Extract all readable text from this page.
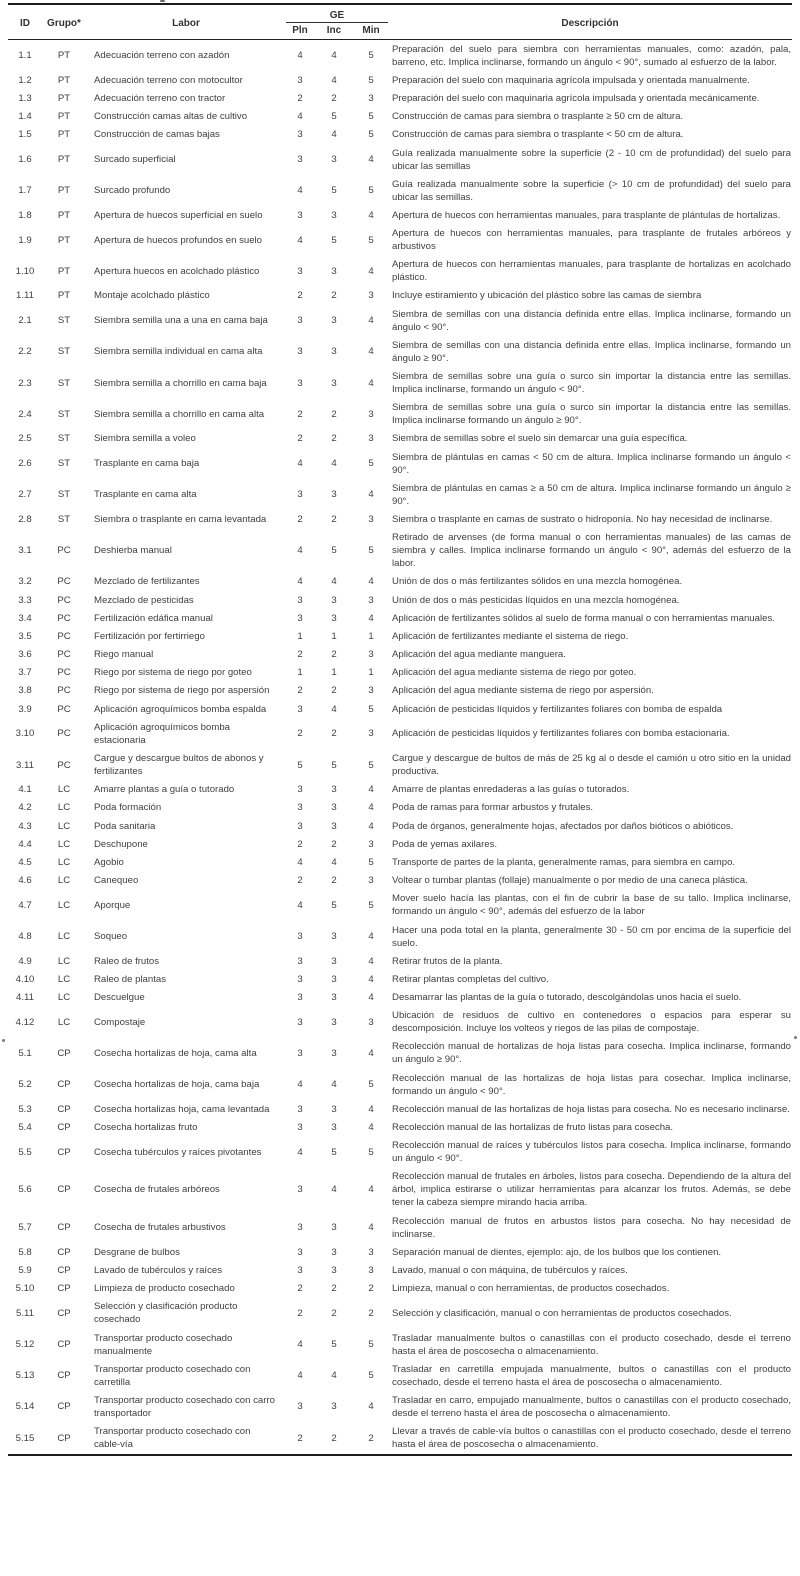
ID	Grupo*	Labor	GE			Descripción
			Pln	Inc	Min	
1.1	PT	Adecuación terreno con azadón	4	4	5	Preparación del suelo para siembra con herramientas manuales, como: azadón, pala, barreno, etc. Implica inclinarse, formando un ángulo < 90°, sumado al esfuerzo de la labor.
1.2	PT	Adecuación terreno con motocultor	3	4	5	Preparación del suelo con maquinaria agrícola impulsada y orientada manualmente.
1.3	PT	Adecuación terreno con tractor	2	2	3	Preparación del suelo con maquinaria agrícola impulsada y orientada mecánicamente.
1.4	PT	Construcción camas altas de cultivo	4	5	5	Construcción de camas para siembra o trasplante ≥ 50 cm de altura.
1.5	PT	Construcción de camas bajas	3	4	5	Construcción de camas para siembra o trasplante < 50 cm de altura.
1.6	PT	Surcado superficial	3	3	4	Guía realizada manualmente sobre la superficie (2 - 10 cm de profundidad) del suelo para ubicar las semillas
1.7	PT	Surcado profundo	4	5	5	Guía realizada manualmente sobre la superficie (> 10 cm de profundidad) del suelo para ubicar las semillas.
1.8	PT	Apertura de huecos superficial en suelo	3	3	4	Apertura de huecos con herramientas manuales, para trasplante de plántulas de hortalizas.
1.9	PT	Apertura de huecos profundos en suelo	4	5	5	Apertura de huecos con herramientas manuales, para trasplante de frutales arbóreos y arbustivos
1.10	PT	Apertura huecos en acolchado plástico	3	3	4	Apertura de huecos con herramientas manuales, para trasplante de hortalizas en acolchado plástico.
1.11	PT	Montaje acolchado plástico	2	2	3	Incluye estiramiento y ubicación del plástico sobre las camas de siembra
2.1	ST	Siembra semilla una a una en cama baja	3	3	4	Siembra de semillas con una distancia definida entre ellas. Implica inclinarse, formando un ángulo < 90°.
2.2	ST	Siembra semilla individual en cama alta	3	3	4	Siembra de semillas con una distancia definida entre ellas. Implica inclinarse, formando un ángulo ≥ 90°.
2.3	ST	Siembra semilla a chorrillo en cama baja	3	3	4	Siembra de semillas sobre una guía o surco sin importar la distancia entre las semillas. Implica inclinarse, formando un ángulo < 90°.
2.4	ST	Siembra semilla a chorrillo en cama alta	2	2	3	Siembra de semillas sobre una guía o surco sin importar la distancia entre las semillas. Implica inclinarse formando un ángulo ≥ 90°.
2.5	ST	Siembra semilla a voleo	2	2	3	Siembra de semillas sobre el suelo sin demarcar una guía específica.
2.6	ST	Trasplante en cama baja	4	4	5	Siembra de plántulas en camas < 50 cm de altura. Implica inclinarse formando un ángulo < 90°.
2.7	ST	Trasplante en cama alta	3	3	4	Siembra de plántulas en camas ≥ a 50 cm de altura. Implica inclinarse formando un ángulo ≥ 90°.
2.8	ST	Siembra o trasplante en cama levantada	2	2	3	Siembra o trasplante en camas de sustrato o hidroponía. No hay necesidad de inclinarse.
3.1	PC	Deshierba manual	4	5	5	Retirado de arvenses (de forma manual o con herramientas manuales) de las camas de siembra y calles. Implica inclinarse formando un ángulo < 90°, además del esfuerzo de la labor.
3.2	PC	Mezclado de fertilizantes	4	4	4	Unión de dos o más fertilizantes sólidos en una mezcla homogénea.
3.3	PC	Mezclado de pesticidas	3	3	3	Unión de dos o más pesticidas líquidos en una mezcla homogénea.
3.4	PC	Fertilización edáfica manual	3	3	4	Aplicación de fertilizantes sólidos al suelo de forma manual o con herramientas manuales.
3.5	PC	Fertilización por fertirriego	1	1	1	Aplicación de fertilizantes mediante el sistema de riego.
3.6	PC	Riego manual	2	2	3	Aplicación del agua mediante manguera.
3.7	PC	Riego por sistema de riego por goteo	1	1	1	Aplicación del agua mediante sistema de riego por goteo.
3.8	PC	Riego por sistema de riego por aspersión	2	2	3	Aplicación del agua mediante sistema de riego por aspersión.
3.9	PC	Aplicación agroquímicos bomba espalda	3	4	5	Aplicación de pesticidas líquidos y fertilizantes foliares con bomba de espalda
3.10	PC	Aplicación agroquímicos bomba estacionaria	2	2	3	Aplicación de pesticidas líquidos y fertilizantes foliares con bomba estacionaria.
3.11	PC	Cargue y descargue bultos de abonos y fertilizantes	5	5	5	Cargue y descargue de bultos de más de 25 kg al o desde el camión u otro sitio en la unidad productiva.
4.1	LC	Amarre plantas a guía o tutorado	3	3	4	Amarre de plantas enredaderas a las guías o tutorados.
4.2	LC	Poda formación	3	3	4	Poda de ramas para formar arbustos y frutales.
4.3	LC	Poda sanitaria	3	3	4	Poda de órganos, generalmente hojas, afectados por daños bióticos o abióticos.
4.4	LC	Deschupone	2	2	3	Poda de yemas axilares.
4.5	LC	Agobio	4	4	5	Transporte de partes de la planta, generalmente ramas, para siembra en campo.
4.6	LC	Canequeo	2	2	3	Voltear o tumbar plantas (follaje) manualmente o por medio de una caneca plástica.
4.7	LC	Aporque	4	5	5	Mover suelo hacía las plantas, con el fin de cubrir la base de su tallo. Implica inclinarse, formando un ángulo < 90°, además del esfuerzo de la labor
4.8	LC	Soqueo	3	3	4	Hacer una poda total en la planta, generalmente 30 - 50 cm por encima de la superficie del suelo.
4.9	LC	Raleo de frutos	3	3	4	Retirar frutos de la planta.
4.10	LC	Raleo de plantas	3	3	4	Retirar plantas completas del cultivo.
4.11	LC	Descuelgue	3	3	4	Desamarrar las plantas de la guía o tutorado, descolgándolas unos hacia el suelo.
4.12	LC	Compostaje	3	3	3	Ubicación de residuos de cultivo en contenedores o espacios para esperar su descomposición. Incluye los volteos y riegos de las pilas de compostaje.
5.1	CP	Cosecha hortalizas de hoja, cama alta	3	3	4	Recolección manual de hortalizas de hoja listas para cosecha. Implica inclinarse, formando un ángulo ≥ 90°.
5.2	CP	Cosecha hortalizas de hoja, cama baja	4	4	5	Recolección manual de las hortalizas de hoja listas para cosechar. Implica inclinarse, formando un ángulo < 90°.
5.3	CP	Cosecha hortalizas hoja, cama levantada	3	3	4	Recolección manual de las hortalizas de hoja listas para cosecha. No es necesario inclinarse.
5.4	CP	Cosecha hortalizas fruto	3	3	4	Recolección manual de las hortalizas de fruto listas para cosecha.
5.5	CP	Cosecha tubérculos y raíces pivotantes	4	5	5	Recolección manual de raíces y tubérculos listos para cosecha. Implica inclinarse, formando un ángulo < 90°.
5.6	CP	Cosecha de frutales arbóreos	3	4	4	Recolección manual de frutales en árboles, listos para cosecha. Dependiendo de la altura del árbol, implica estirarse o utilizar herramientas para alcanzar los frutos. Además, se debe tener la cabeza siempre mirando hacia arriba.
5.7	CP	Cosecha de frutales arbustivos	3	3	4	Recolección manual de frutos en arbustos listos para cosecha. No hay necesidad de inclinarse.
5.8	CP	Desgrane de bulbos	3	3	3	Separación manual de dientes, ejemplo: ajo, de los bulbos que los contienen.
5.9	CP	Lavado de tubérculos y raíces	3	3	3	Lavado, manual o con máquina, de tubérculos y raíces.
5.10	CP	Limpieza de producto cosechado	2	2	2	Limpieza, manual o con herramientas, de productos cosechados.
5.11	CP	Selección y clasificación producto cosechado	2	2	2	Selección y clasificación, manual o con herramientas de productos cosechados.
5.12	CP	Transportar producto cosechado manualmente	4	5	5	Trasladar manualmente bultos o canastillas con el producto cosechado, desde el terreno hasta el área de poscosecha o almacenamiento.
5.13	CP	Transportar producto cosechado con carretilla	4	4	5	Trasladar en carretilla empujada manualmente, bultos o canastillas con el producto cosechado, desde el terreno hasta el área de poscosecha o almacenamiento.
5.14	CP	Transportar producto cosechado con carro transportador	3	3	4	Trasladar en carro, empujado manualmente, bultos o canastillas con el producto cosechado, desde el terreno hasta el área de poscosecha o almacenamiento.
5.15	CP	Transportar producto cosechado con cable-vía	2	2	2	Llevar a través de cable-vía bultos o canastillas con el producto cosechado, desde el terreno hasta el área de poscosecha o almacenamiento.
